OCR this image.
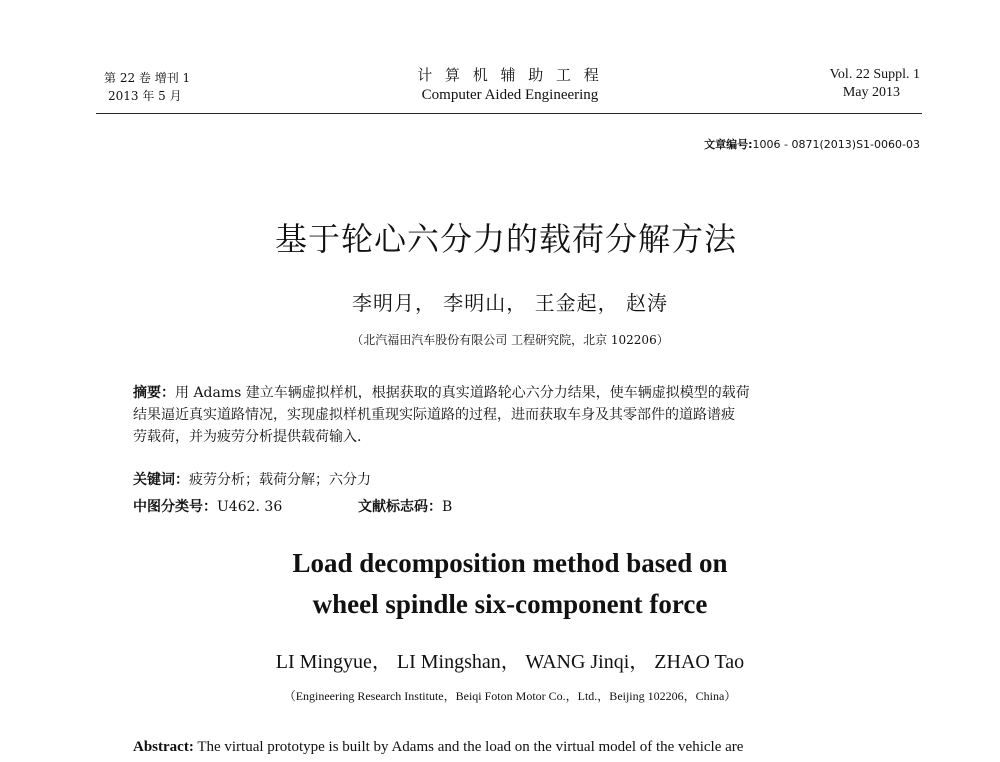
第 22 卷 增刊 1
2013 年 5 月
计 算 机 辅 助 工 程
Computer Aided Engineering
Vol. 22 Suppl. 1
May 2013
文章编号:1006 - 0871(2013)S1-0060-03
基于轮心六分力的载荷分解方法
李明月， 李明山， 王金起， 赵涛
（北汽福田汽车股份有限公司 工程研究院，北京 102206）
摘要：用 Adams 建立车辆虚拟样机，根据获取的真实道路轮心六分力结果，使车辆虚拟模型的载荷
结果逼近真实道路情况，实现虚拟样机重现实际道路的过程，进而获取车身及其零部件的道路谱疲
劳载荷，并为疲劳分析提供载荷输入.
关键词：疲劳分析；载荷分解；六分力
中图分类号：U462. 36	文献标志码：B
Load decomposition method based on
wheel spindle six-component force
LI Mingyue， LI Mingshan， WANG Jinqi， ZHAO Tao
（Engineering Research Institute，Beiqi Foton Motor Co.，Ltd.，Beijing 102206，China）
Abstract: The virtual prototype is built by Adams and the load on the virtual model of the vehicle are
